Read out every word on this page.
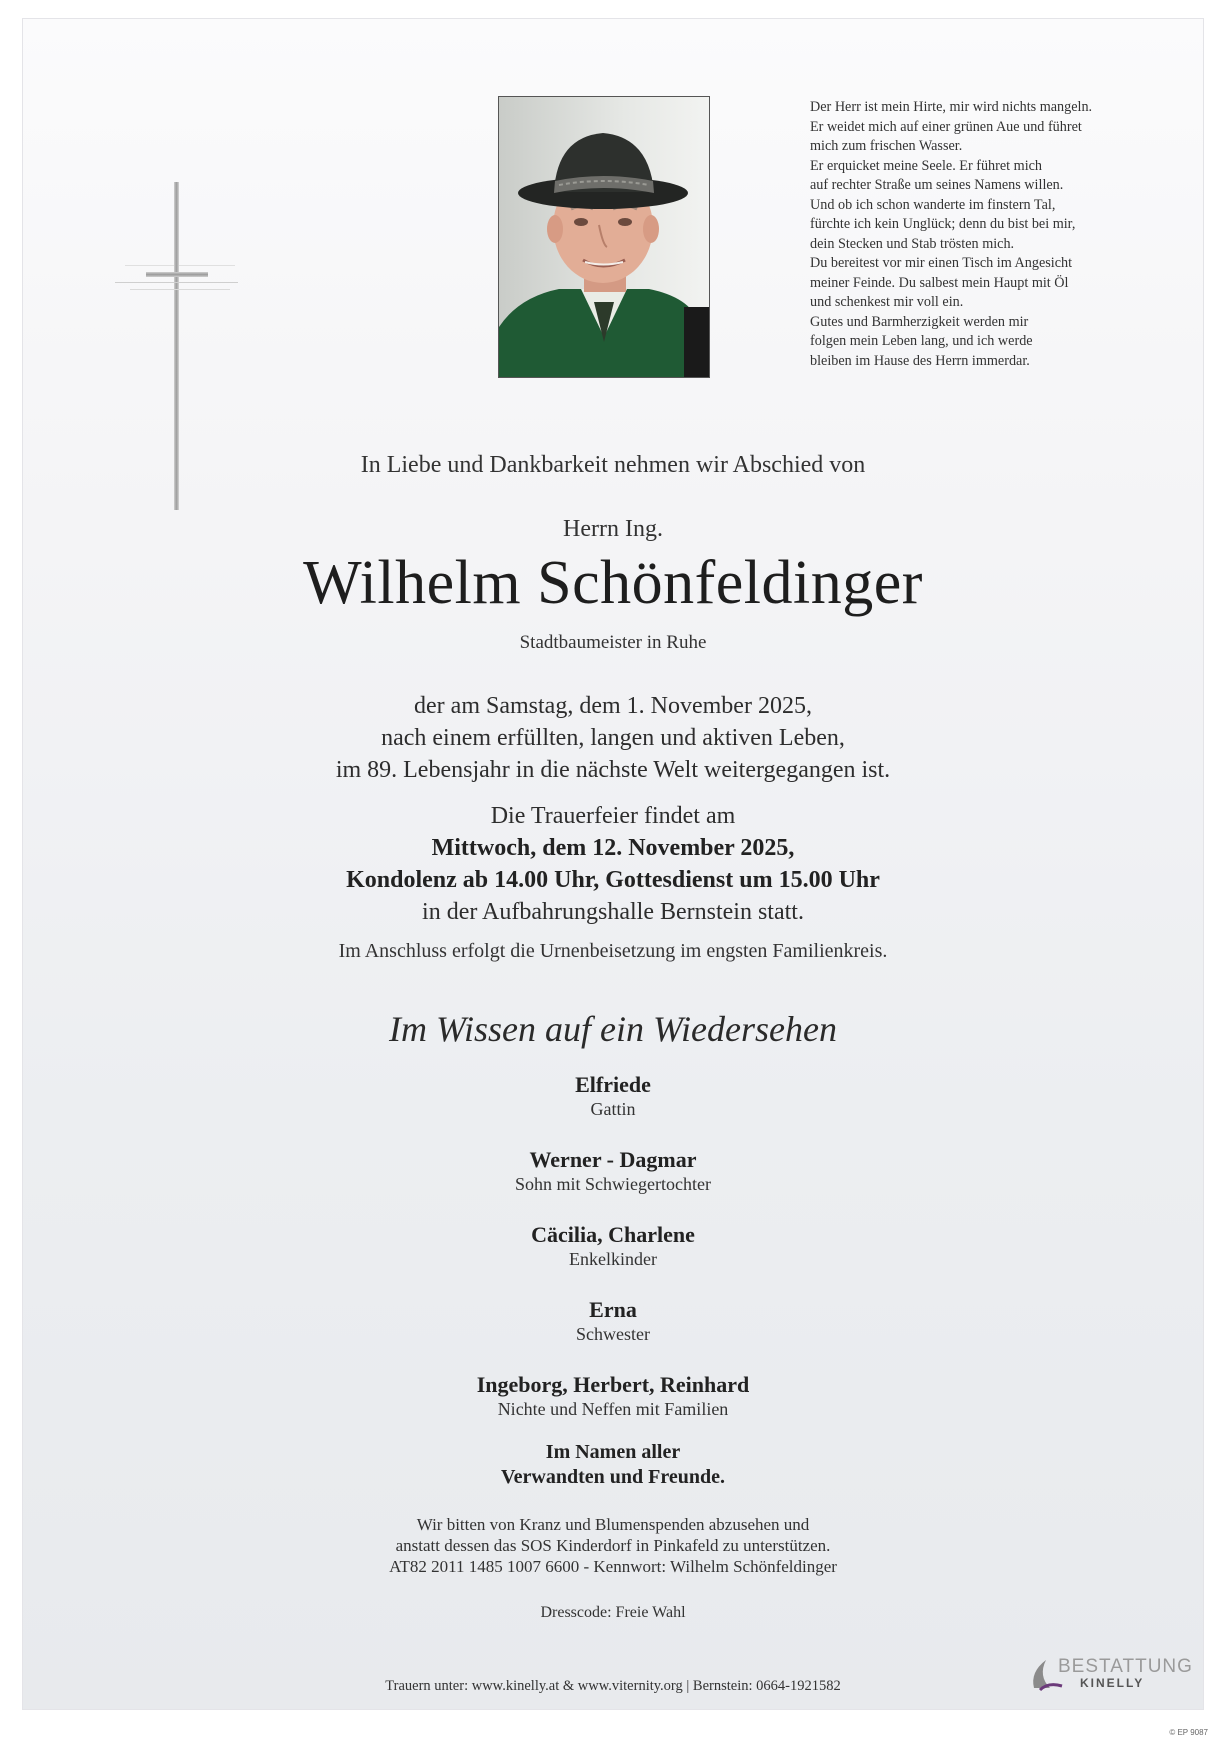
Der Herr ist mein Hirte, mir wird nichts mangeln.
Er weidet mich auf einer grünen Aue und führet
mich zum frischen Wasser.
Er erquicket meine Seele. Er führet mich
auf rechter Straße um seines Namens willen.
Und ob ich schon wanderte im finstern Tal,
fürchte ich kein Unglück; denn du bist bei mir,
dein Stecken und Stab trösten mich.
Du bereitest vor mir einen Tisch im Angesicht
meiner Feinde. Du salbest mein Haupt mit Öl
und schenkest mir voll ein.
Gutes und Barmherzigkeit werden mir
folgen mein Leben lang, und ich werde
bleiben im Hause des Herrn immerdar.
In Liebe und Dankbarkeit nehmen wir Abschied von
Herrn Ing.
Wilhelm Schönfeldinger
Stadtbaumeister in Ruhe
der am Samstag, dem 1. November 2025,
nach einem erfüllten, langen und aktiven Leben,
im 89. Lebensjahr in die nächste Welt weitergegangen ist.
Die Trauerfeier findet am
Mittwoch, dem 12. November 2025,
Kondolenz ab 14.00 Uhr, Gottesdienst um 15.00 Uhr
in der Aufbahrungshalle Bernstein statt.
Im Anschluss erfolgt die Urnenbeisetzung im engsten Familienkreis.
Im Wissen auf ein Wiedersehen
Elfriede
Gattin
Werner - Dagmar
Sohn mit Schwiegertochter
Cäcilia, Charlene
Enkelkinder
Erna
Schwester
Ingeborg, Herbert, Reinhard
Nichte und Neffen mit Familien
Im Namen aller
Verwandten und Freunde.
Wir bitten von Kranz und Blumenspenden abzusehen und
anstatt dessen das SOS Kinderdorf in Pinkafeld zu unterstützen.
AT82 2011 1485 1007 6600 - Kennwort: Wilhelm Schönfeldinger
Dresscode: Freie Wahl
Trauern unter: www.kinelly.at & www.viternity.org | Bernstein: 0664-1921582
BESTATTUNG
KINELLY
© EP 9087
